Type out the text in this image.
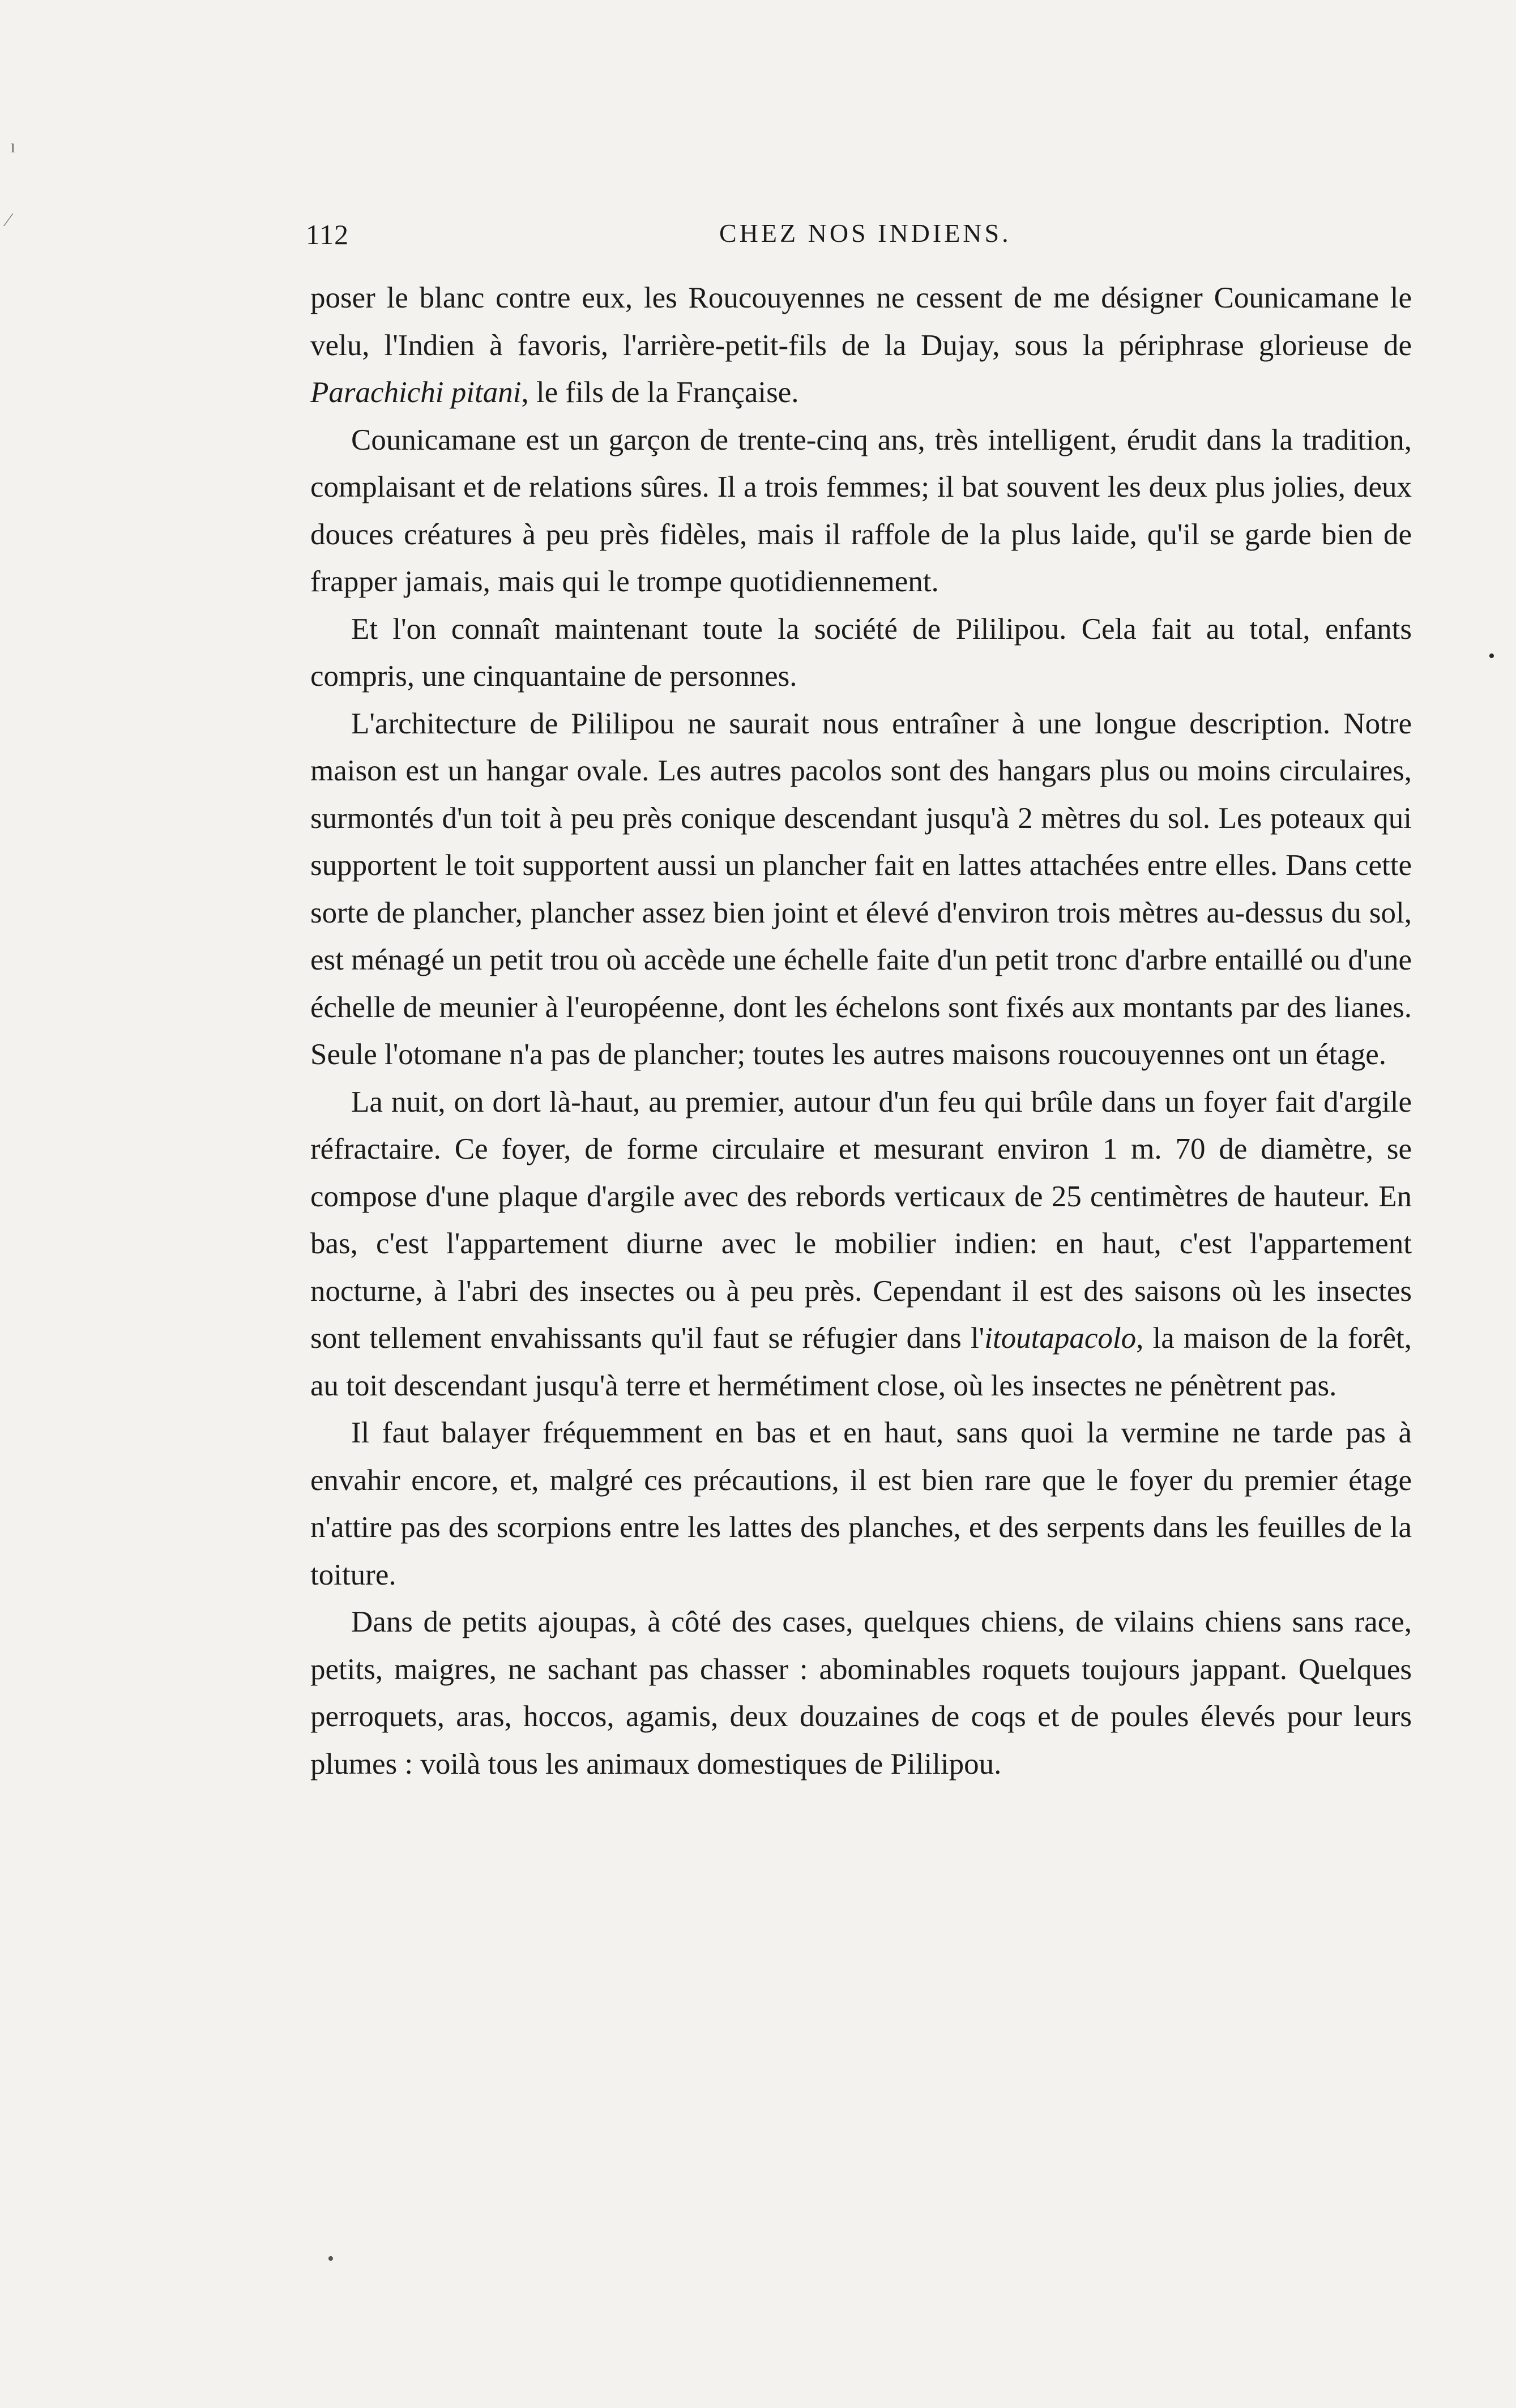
ı
⁄
•
•
112	CHEZ NOS INDIENS.

poser le blanc contre eux, les Roucouyennes ne cessent de me désigner Counicamane le velu, l'Indien à favoris, l'arrière-petit-fils de la Dujay, sous la périphrase glorieuse de Parachichi pitani, le fils de la Française.

Counicamane est un garçon de trente-cinq ans, très intelligent, érudit dans la tradition, complaisant et de relations sûres. Il a trois femmes; il bat souvent les deux plus jolies, deux douces créatures à peu près fidèles, mais il raffole de la plus laide, qu'il se garde bien de frapper jamais, mais qui le trompe quotidiennement.

Et l'on connaît maintenant toute la société de Pililipou. Cela fait au total, enfants compris, une cinquantaine de personnes.

L'architecture de Pililipou ne saurait nous entraîner à une longue description. Notre maison est un hangar ovale. Les autres pacolos sont des hangars plus ou moins circulaires, surmontés d'un toit à peu près conique descendant jusqu'à 2 mètres du sol. Les poteaux qui supportent le toit supportent aussi un plancher fait en lattes attachées entre elles. Dans cette sorte de plancher, plancher assez bien joint et élevé d'environ trois mètres au-dessus du sol, est ménagé un petit trou où accède une échelle faite d'un petit tronc d'arbre entaillé ou d'une échelle de meunier à l'européenne, dont les échelons sont fixés aux montants par des lianes. Seule l'otomane n'a pas de plancher; toutes les autres maisons roucouyennes ont un étage.

La nuit, on dort là-haut, au premier, autour d'un feu qui brûle dans un foyer fait d'argile réfractaire. Ce foyer, de forme circulaire et mesurant environ 1 m. 70 de diamètre, se compose d'une plaque d'argile avec des rebords verticaux de 25 centimètres de hauteur. En bas, c'est l'appartement diurne avec le mobilier indien: en haut, c'est l'appartement nocturne, à l'abri des insectes ou à peu près. Cependant il est des saisons où les insectes sont tellement envahissants qu'il faut se réfugier dans l'itoutapacolo, la maison de la forêt, au toit descendant jusqu'à terre et hermétiment close, où les insectes ne pénètrent pas.

Il faut balayer fréquemment en bas et en haut, sans quoi la vermine ne tarde pas à envahir encore, et, malgré ces précautions, il est bien rare que le foyer du premier étage n'attire pas des scorpions entre les lattes des planches, et des serpents dans les feuilles de la toiture.

Dans de petits ajoupas, à côté des cases, quelques chiens, de vilains chiens sans race, petits, maigres, ne sachant pas chasser : abominables roquets toujours jappant. Quelques perroquets, aras, hoccos, agamis, deux douzaines de coqs et de poules élevés pour leurs plumes : voilà tous les animaux domestiques de Pililipou.
